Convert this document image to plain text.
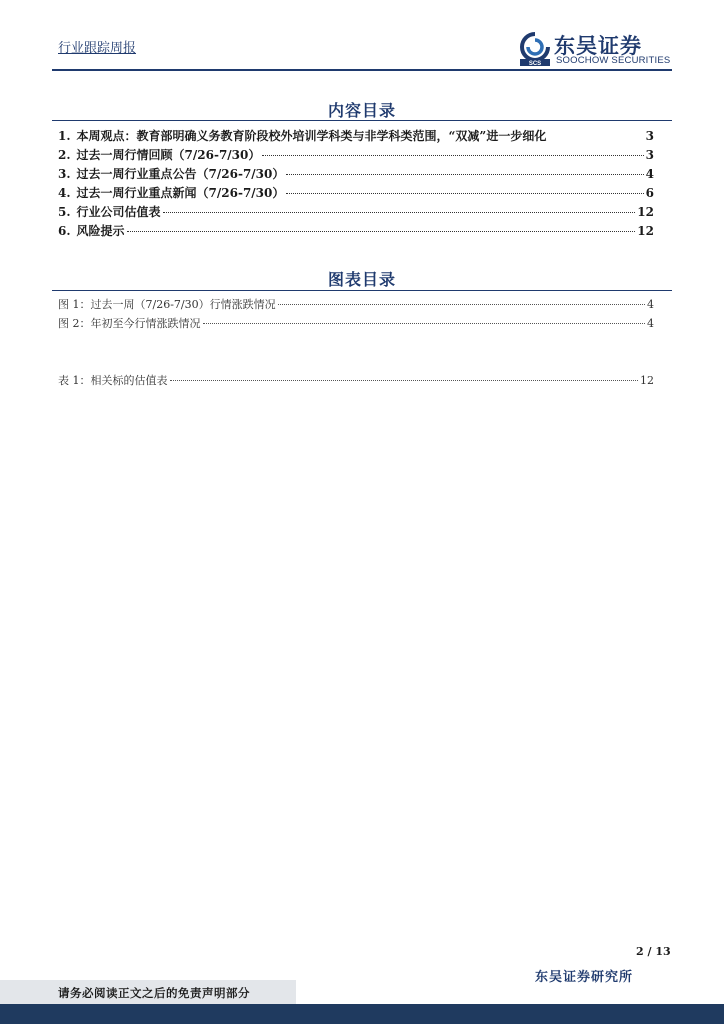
行业跟踪周报
SCS
东吴证券
SOOCHOW SECURITIES
内容目录
1. 本周观点：教育部明确义务教育阶段校外培训学科类与非学科类范围，“双减”进一步细化	3
2. 过去一周行情回顾（7/26-7/30）	3
3. 过去一周行业重点公告（7/26-7/30）	4
4. 过去一周行业重点新闻（7/26-7/30）	6
5. 行业公司估值表	12
6. 风险提示	12
图表目录
图 1：过去一周（7/26-7/30）行情涨跌情况	4
图 2：年初至今行情涨跌情况	4
表 1：相关标的估值表	12
2 / 13
东吴证券研究所
请务必阅读正文之后的免责声明部分
